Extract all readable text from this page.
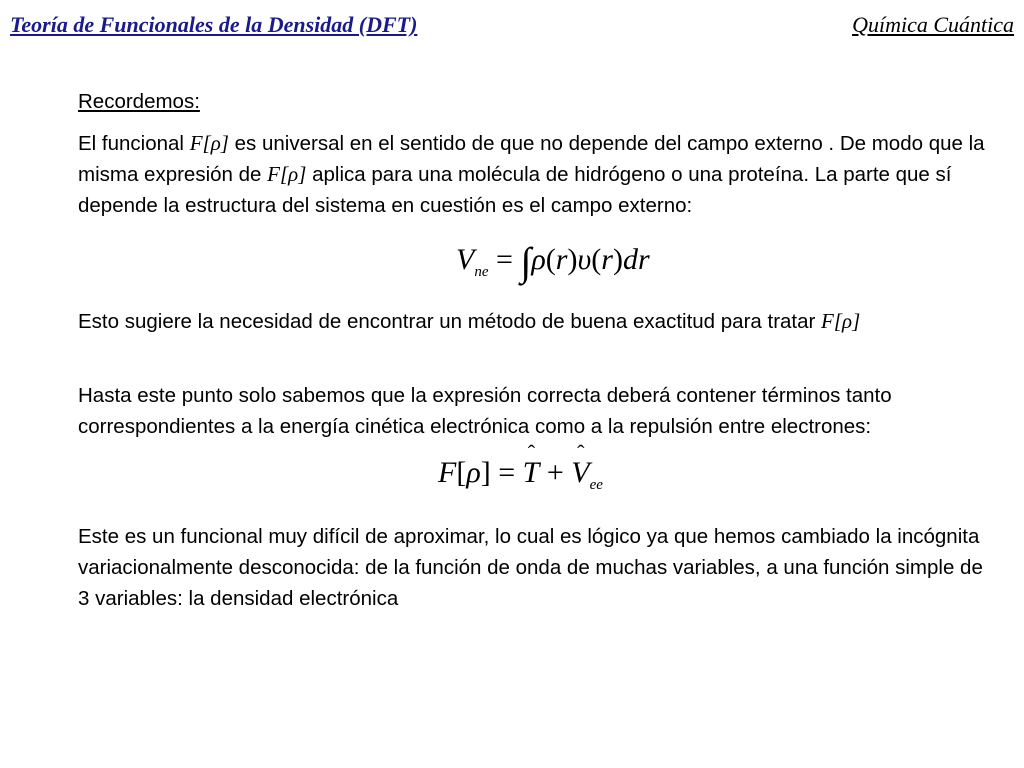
Teoría de Funcionales de la Densidad (DFT)	Química Cuántica
Recordemos:
El funcional F[ρ] es universal en el sentido de que no depende del campo externo . De modo que la misma expresión de F[ρ] aplica para una molécula de hidrógeno o una proteína. La parte que sí depende la estructura del sistema en cuestión es el campo externo:
$V_{ne} = \int\rho(r)\upsilon(r)dr$
Esto sugiere la necesidad de encontrar un método de buena exactitud para tratar F[ρ]
Hasta este punto solo sabemos que la expresión correcta deberá contener términos tanto correspondientes a la energía cinética electrónica como a la repulsión entre electrones:
F[ρ] = ˆ T + ˆ $V_{ee}$
Este es un funcional muy difícil de aproximar, lo cual es lógico ya que hemos cambiado la incógnita variacionalmente desconocida: de la función de onda de muchas variables, a una función simple de 3 variables: la densidad electrónica
